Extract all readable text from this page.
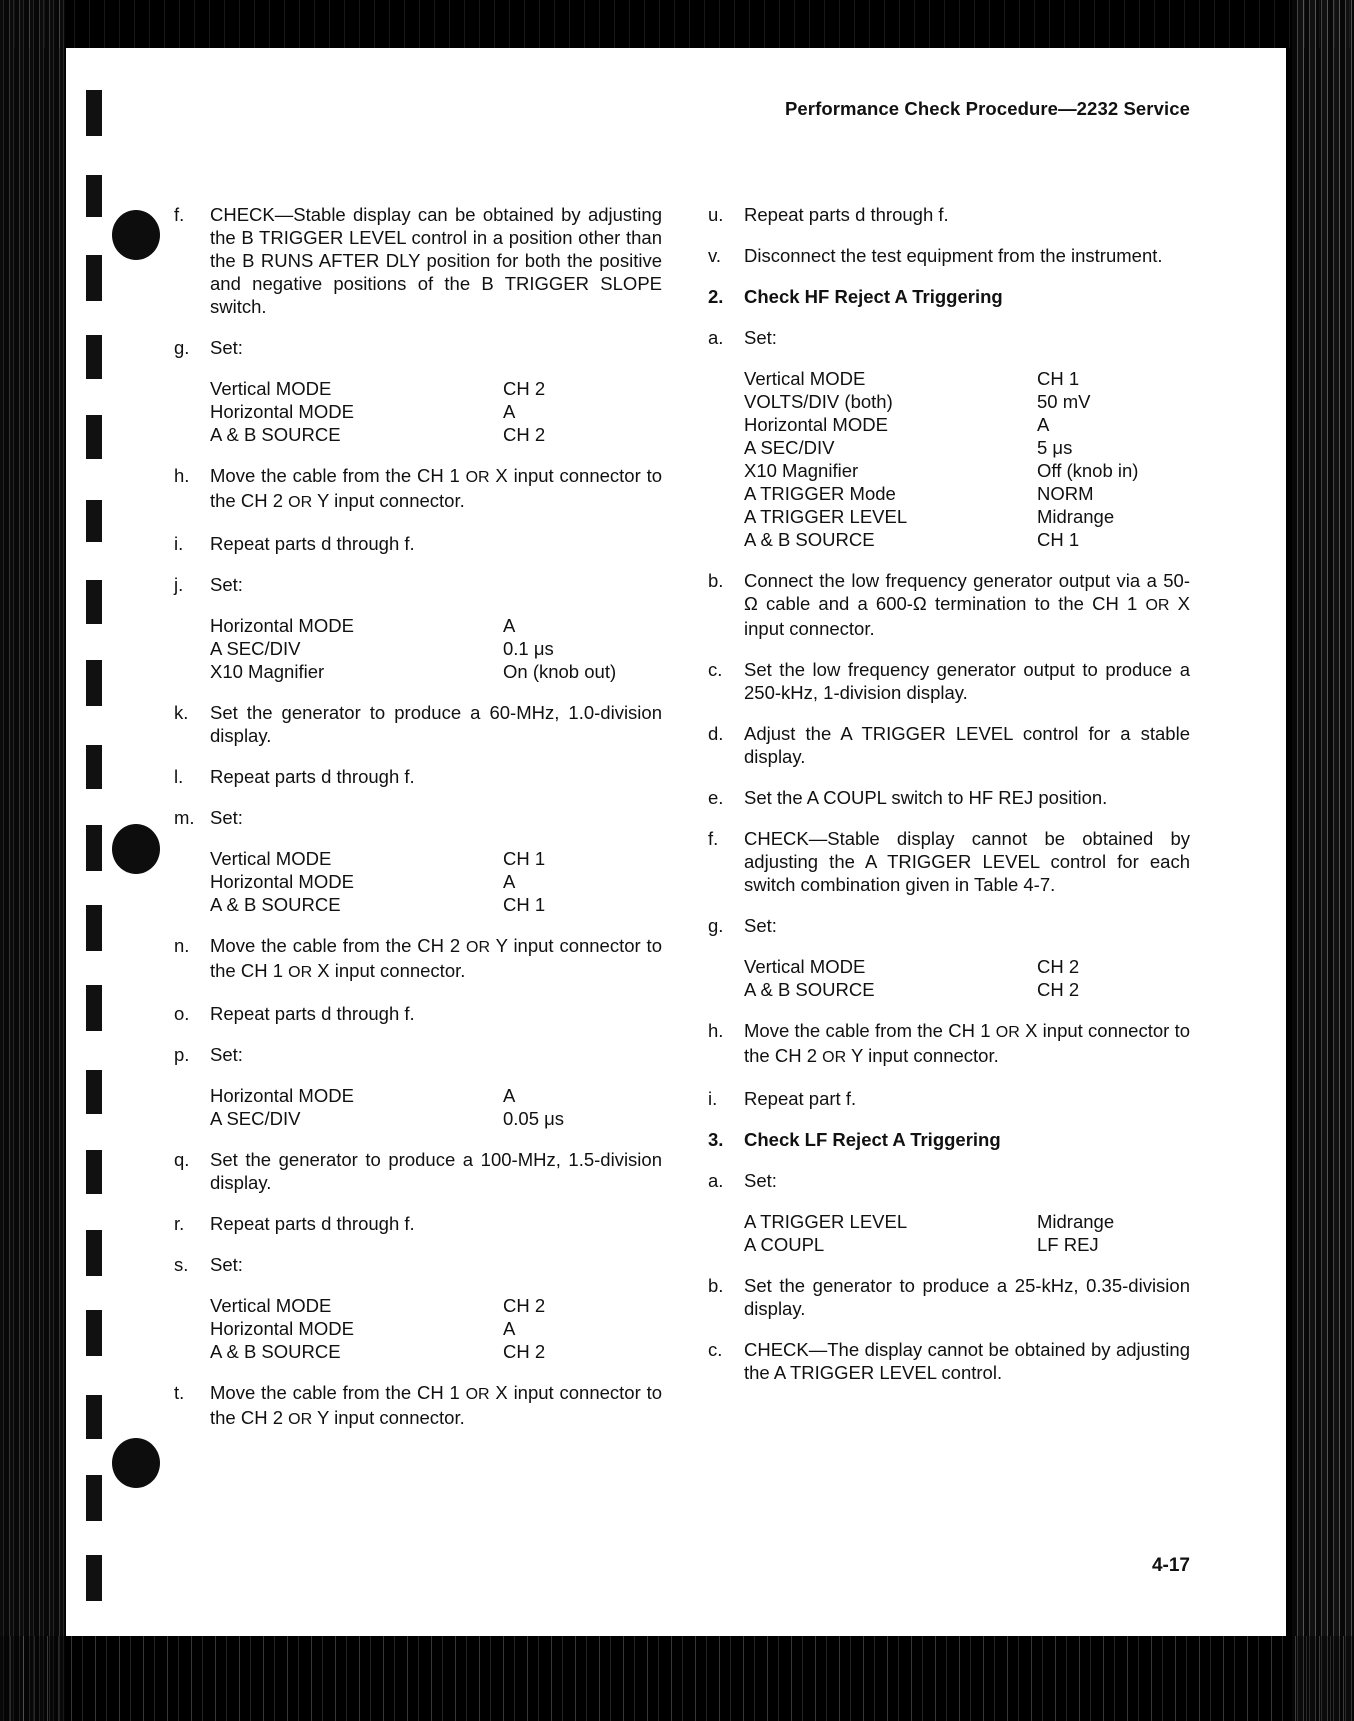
Performance Check Procedure—2232 Service
f.	CHECK—Stable display can be obtained by adjusting the B TRIGGER LEVEL control in a position other than the B RUNS AFTER DLY position for both the positive and negative positions of the B TRIGGER SLOPE switch.
g.	Set:
Vertical MODE	CH 2
Horizontal MODE	A
A & B SOURCE	CH 2
h.	Move the cable from the CH 1 OR X input connector to the CH 2 OR Y input connector.
i.	Repeat parts d through f.
j.	Set:
Horizontal MODE	A
A SEC/DIV	0.1 μs
X10 Magnifier	On (knob out)
k.	Set the generator to produce a 60-MHz, 1.0-division display.
l.	Repeat parts d through f.
m. Set:
Vertical MODE	CH 1
Horizontal MODE	A
A & B SOURCE	CH 1
n.	Move the cable from the CH 2 OR Y input connector to the CH 1 OR X input connector.
o.	Repeat parts d through f.
p.	Set:
Horizontal MODE	A
A SEC/DIV	0.05 μs
q.	Set the generator to produce a 100-MHz, 1.5-division display.
r.	Repeat parts d through f.
s.	Set:
Vertical MODE	CH 2
Horizontal MODE	A
A & B SOURCE	CH 2
t.	Move the cable from the CH 1 OR X input connector to the CH 2 OR Y input connector.
u.	Repeat parts d through f.
v.	Disconnect the test equipment from the instrument.
2. Check HF Reject A Triggering
a.	Set:
Vertical MODE	CH 1
VOLTS/DIV (both)	50 mV
Horizontal MODE	A
A SEC/DIV	5 μs
X10 Magnifier	Off (knob in)
A TRIGGER Mode	NORM
A TRIGGER LEVEL	Midrange
A & B SOURCE	CH 1
b.	Connect the low frequency generator output via a 50-Ω cable and a 600-Ω termination to the CH 1 OR X input connector.
c.	Set the low frequency generator output to produce a 250-kHz, 1-division display.
d.	Adjust the A TRIGGER LEVEL control for a stable display.
e.	Set the A COUPL switch to HF REJ position.
f.	CHECK—Stable display cannot be obtained by adjusting the A TRIGGER LEVEL control for each switch combination given in Table 4-7.
g.	Set:
Vertical MODE	CH 2
A & B SOURCE	CH 2
h.	Move the cable from the CH 1 OR X input connector to the CH 2 OR Y input connector.
i.	Repeat part f.
3. Check LF Reject A Triggering
a.	Set:
A TRIGGER LEVEL	Midrange
A COUPL	LF REJ
b.	Set the generator to produce a 25-kHz, 0.35-division display.
c.	CHECK—The display cannot be obtained by adjusting the A TRIGGER LEVEL control.
4-17
